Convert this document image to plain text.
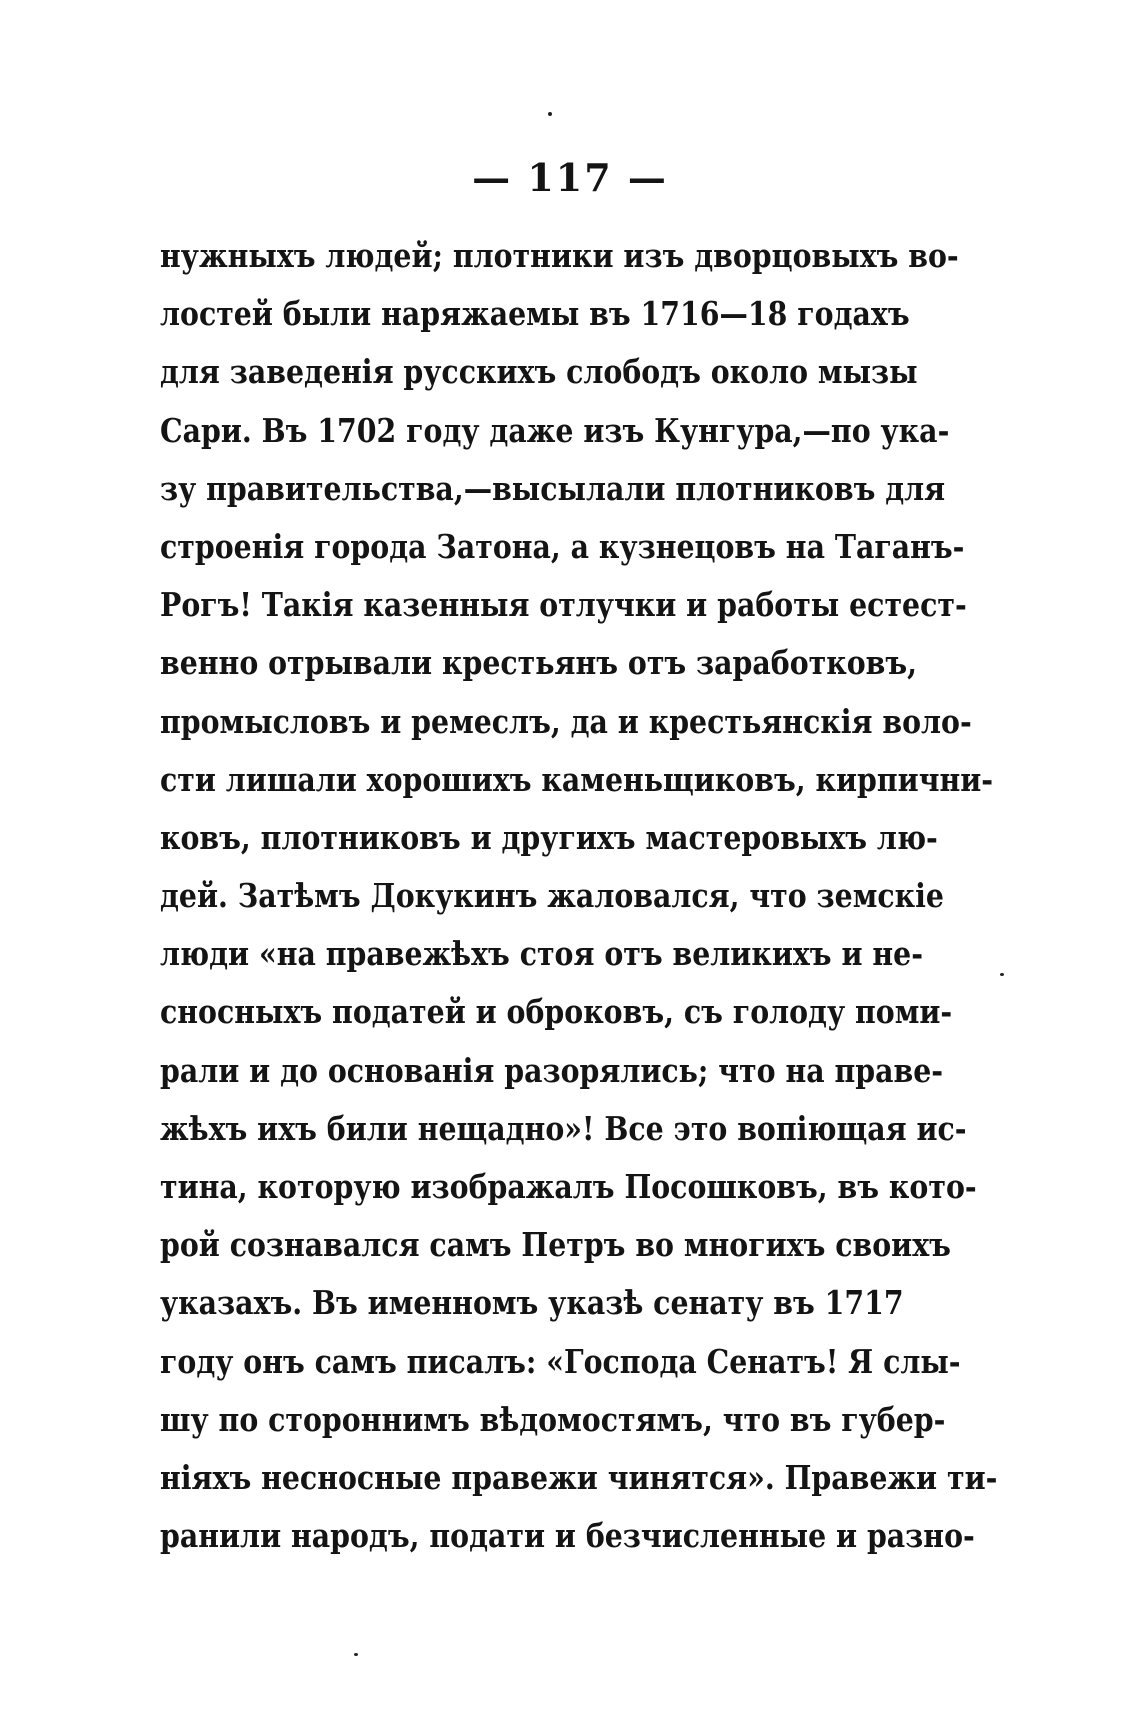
— 117 —
нужныхъ людей; плотники изъ дворцовыхъ во-
лостей были наряжаемы въ 1716—18 годахъ
для заведенія русскихъ слободъ около мызы
Сари. Въ 1702 году даже изъ Кунгура,—по ука-
зу правительства,—высылали плотниковъ для
строенія города Затона, а кузнецовъ на Таганъ-
Рогъ! Такія казенныя отлучки и работы естест-
венно отрывали крестьянъ отъ заработковъ,
промысловъ и ремеслъ, да и крестьянскія воло-
сти лишали хорошихъ каменьщиковъ, кирпични-
ковъ, плотниковъ и другихъ мастеровыхъ лю-
дей. Затѣмъ Докукинъ жаловался, что земскіе
люди «на правежѣхъ стоя отъ великихъ и не-
сносныхъ податей и оброковъ, съ голоду поми-
рали и до основанія разорялись; что на праве-
жѣхъ ихъ били нещадно»! Все это вопіющая ис-
тина, которую изображалъ Посошковъ, въ кото-
рой сознавался самъ Петръ во многихъ своихъ
указахъ. Въ именномъ указѣ сенату въ 1717
году онъ самъ писалъ: «Господа Сенатъ! Я слы-
шу по стороннимъ вѣдомостямъ, что въ губер-
ніяхъ несносные правежи чинятся». Правежи ти-
ранили народъ, подати и безчисленные и разно-
